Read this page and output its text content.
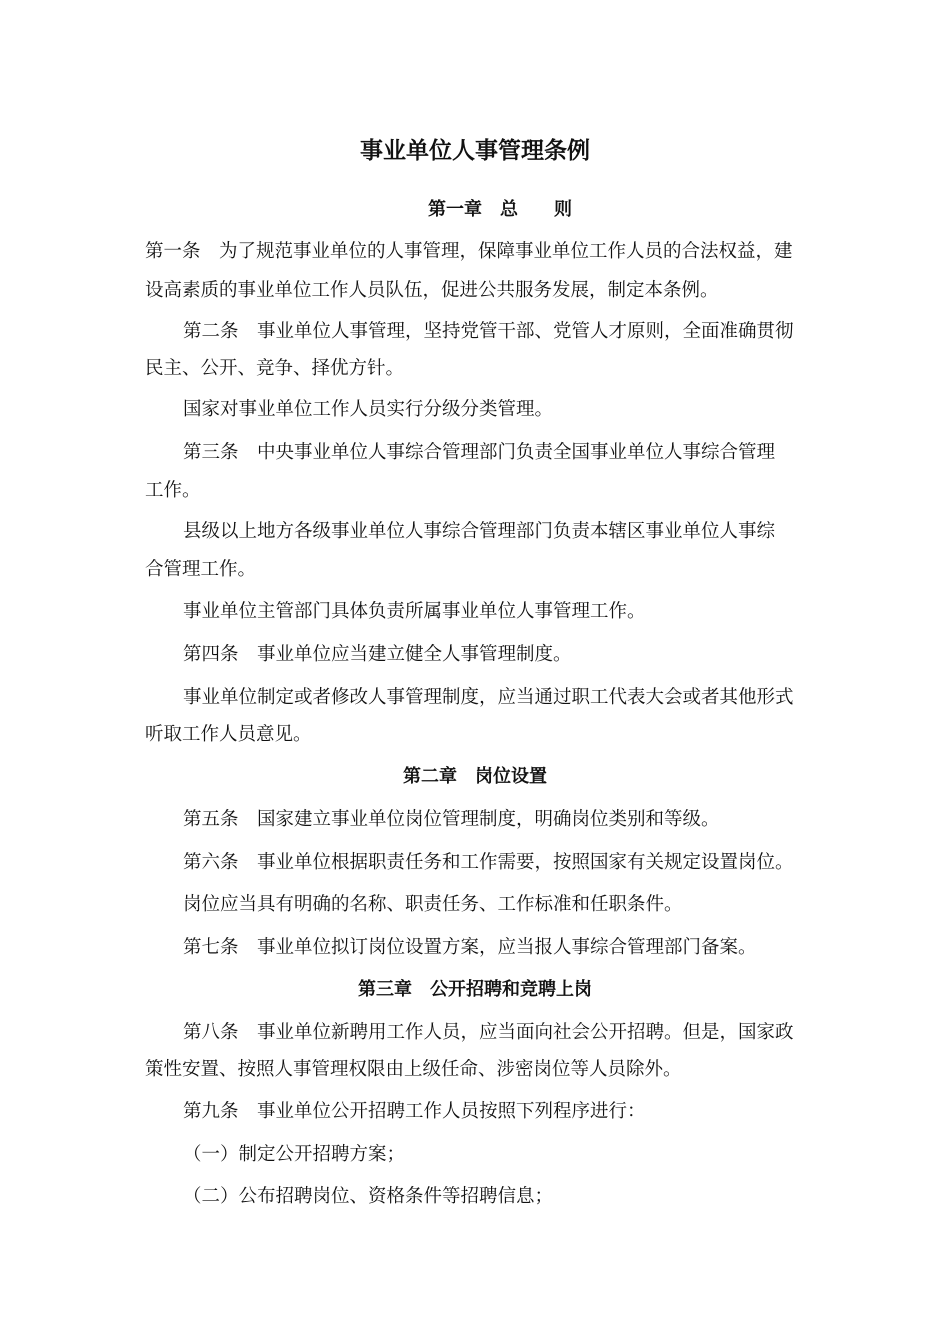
事业单位人事管理条例
第一章　总　　则
第一条　为了规范事业单位的人事管理，保障事业单位工作人员的合法权益，建
设高素质的事业单位工作人员队伍，促进公共服务发展，制定本条例。
第二条　事业单位人事管理，坚持党管干部、党管人才原则，全面准确贯彻
民主、公开、竞争、择优方针。
国家对事业单位工作人员实行分级分类管理。
第三条　中央事业单位人事综合管理部门负责全国事业单位人事综合管理
工作。
县级以上地方各级事业单位人事综合管理部门负责本辖区事业单位人事综
合管理工作。
事业单位主管部门具体负责所属事业单位人事管理工作。
第四条　事业单位应当建立健全人事管理制度。
事业单位制定或者修改人事管理制度，应当通过职工代表大会或者其他形式
听取工作人员意见。
第二章　岗位设置
第五条　国家建立事业单位岗位管理制度，明确岗位类别和等级。
第六条　事业单位根据职责任务和工作需要，按照国家有关规定设置岗位。
岗位应当具有明确的名称、职责任务、工作标准和任职条件。
第七条　事业单位拟订岗位设置方案，应当报人事综合管理部门备案。
第三章　公开招聘和竞聘上岗
第八条　事业单位新聘用工作人员，应当面向社会公开招聘。但是，国家政
策性安置、按照人事管理权限由上级任命、涉密岗位等人员除外。
第九条　事业单位公开招聘工作人员按照下列程序进行：
（一）制定公开招聘方案；
（二）公布招聘岗位、资格条件等招聘信息；
